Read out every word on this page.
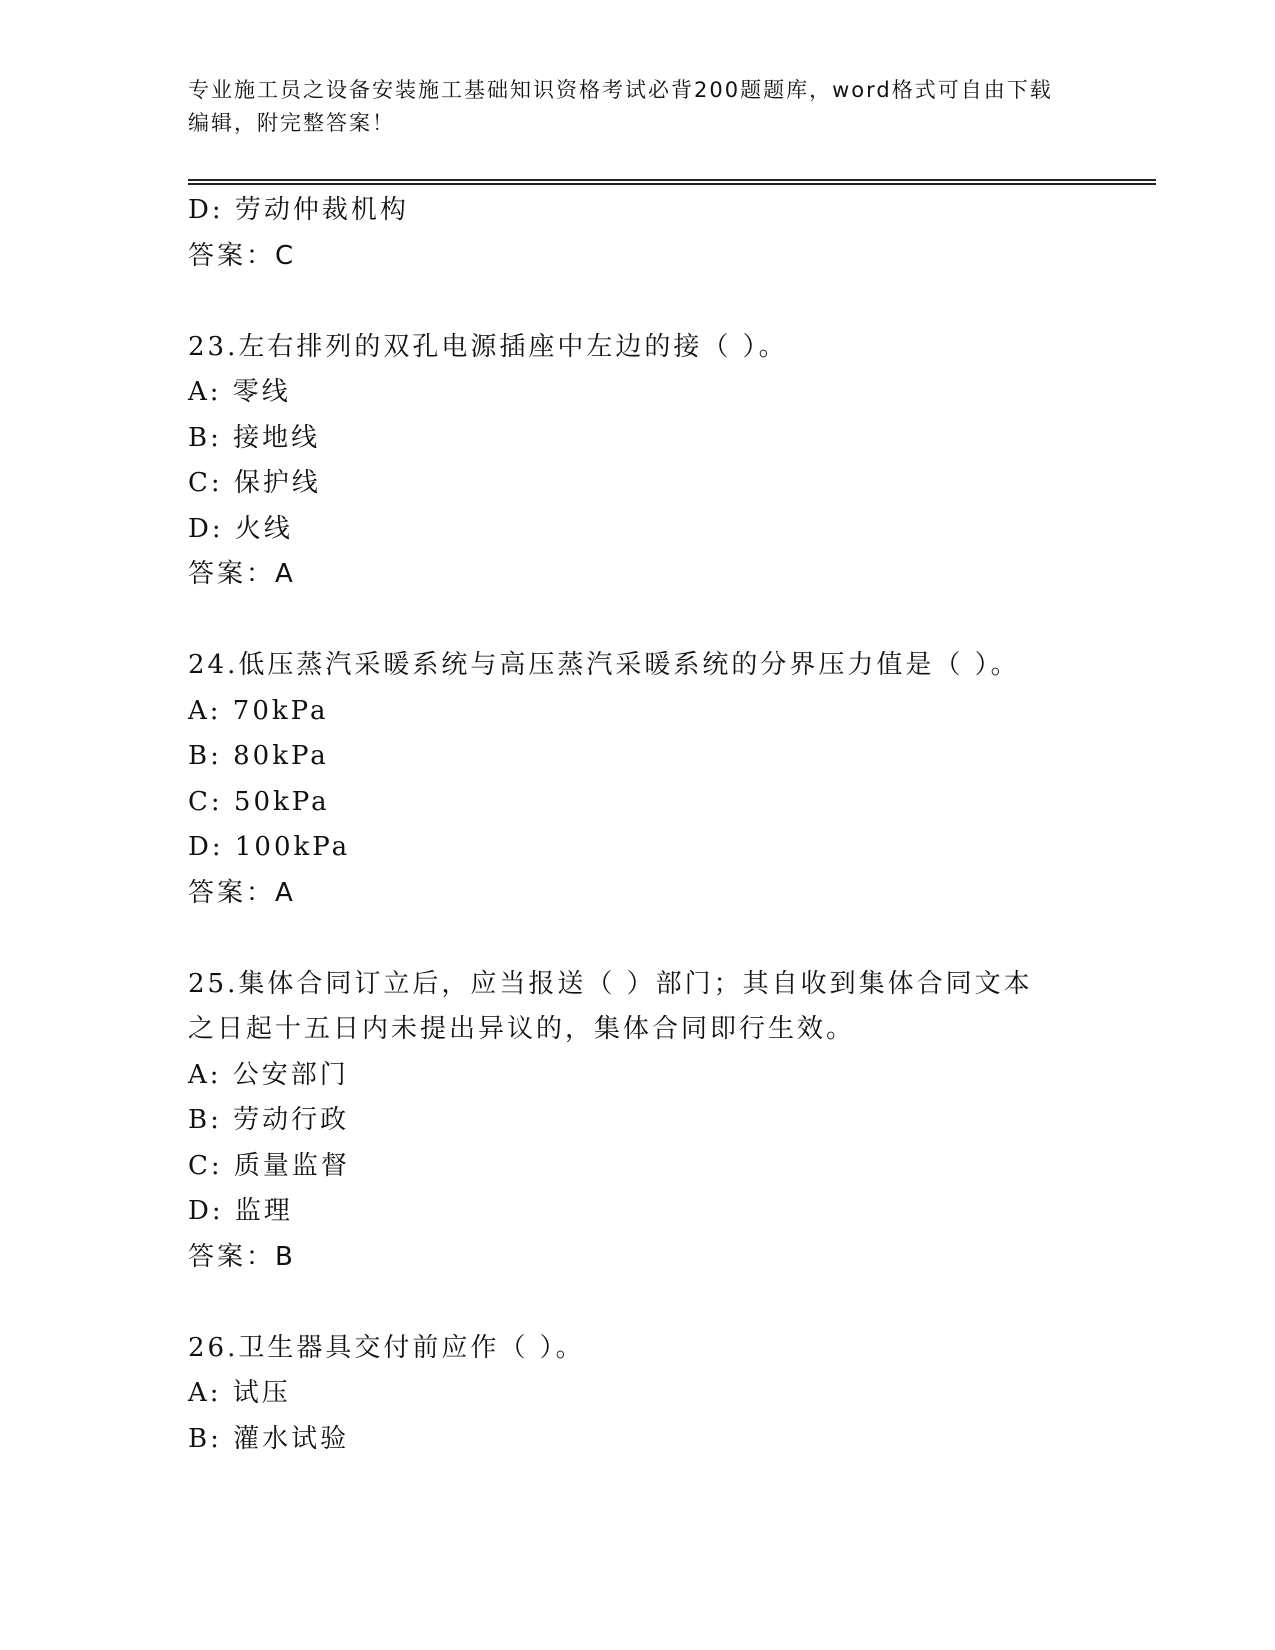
专业施工员之设备安装施工基础知识资格考试必背200题题库，word格式可自由下载编辑，附完整答案！
D: 劳动仲裁机构
答案：C
23.左右排列的双孔电源插座中左边的接（ ）。
A: 零线
B: 接地线
C: 保护线
D: 火线
答案：A
24.低压蒸汽采暖系统与高压蒸汽采暖系统的分界压力值是（ ）。
A: 70kPa
B: 80kPa
C: 50kPa
D: 100kPa
答案：A
25.集体合同订立后，应当报送（ ）部门；其自收到集体合同文本之日起十五日内未提出异议的，集体合同即行生效。
A: 公安部门
B: 劳动行政
C: 质量监督
D: 监理
答案：B
26.卫生器具交付前应作（ ）。
A: 试压
B: 灌水试验
